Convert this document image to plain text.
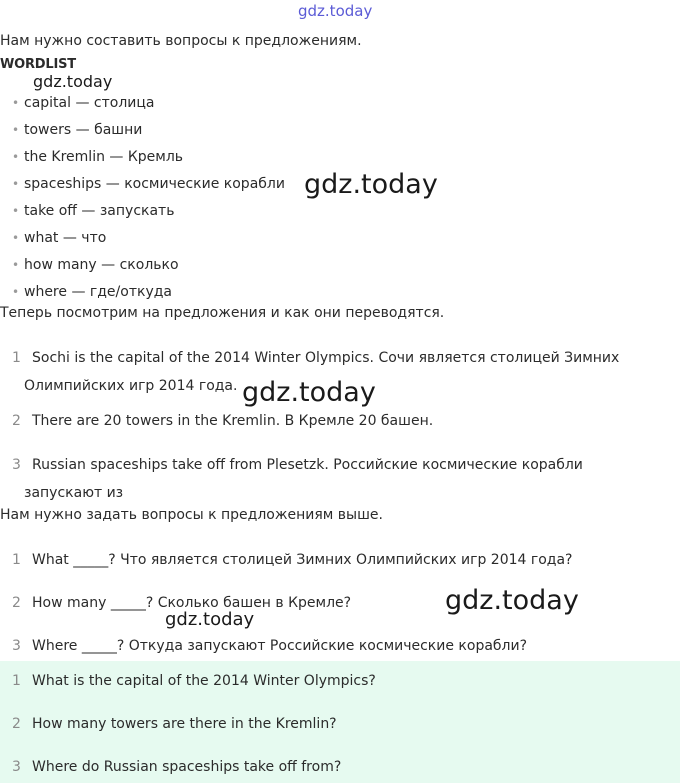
gdz.today
gdz.today
gdz.today
gdz.today
gdz.today
gdz.today
Нам нужно составить вопросы к предложениям.
WORDLIST
• capital — столица
• towers — башни
• the Kremlin — Кремль
• spaceships — космические корабли
• take off — запускать
• what — что
• how many — сколько
• where — где/откуда
Теперь посмотрим на предложения и как они переводятся.
1 Sochi is the capital of the 2014 Winter Olympics. Сочи является столицей Зимних
Олимпийских игр 2014 года.
2 There are 20 towers in the Kremlin. В Кремле 20 башен.
3 Russian spaceships take off from Plesetzk. Российские космические корабли
запускают из
Нам нужно задать вопросы к предложениям выше.
1 What _____? Что является столицей Зимних Олимпийских игр 2014 года?
2 How many _____? Сколько башен в Кремле?
3 Where _____? Откуда запускают Российские космические корабли?
1 What is the capital of the 2014 Winter Olympics?
2 How many towers are there in the Kremlin?
3 Where do Russian spaceships take off from?
